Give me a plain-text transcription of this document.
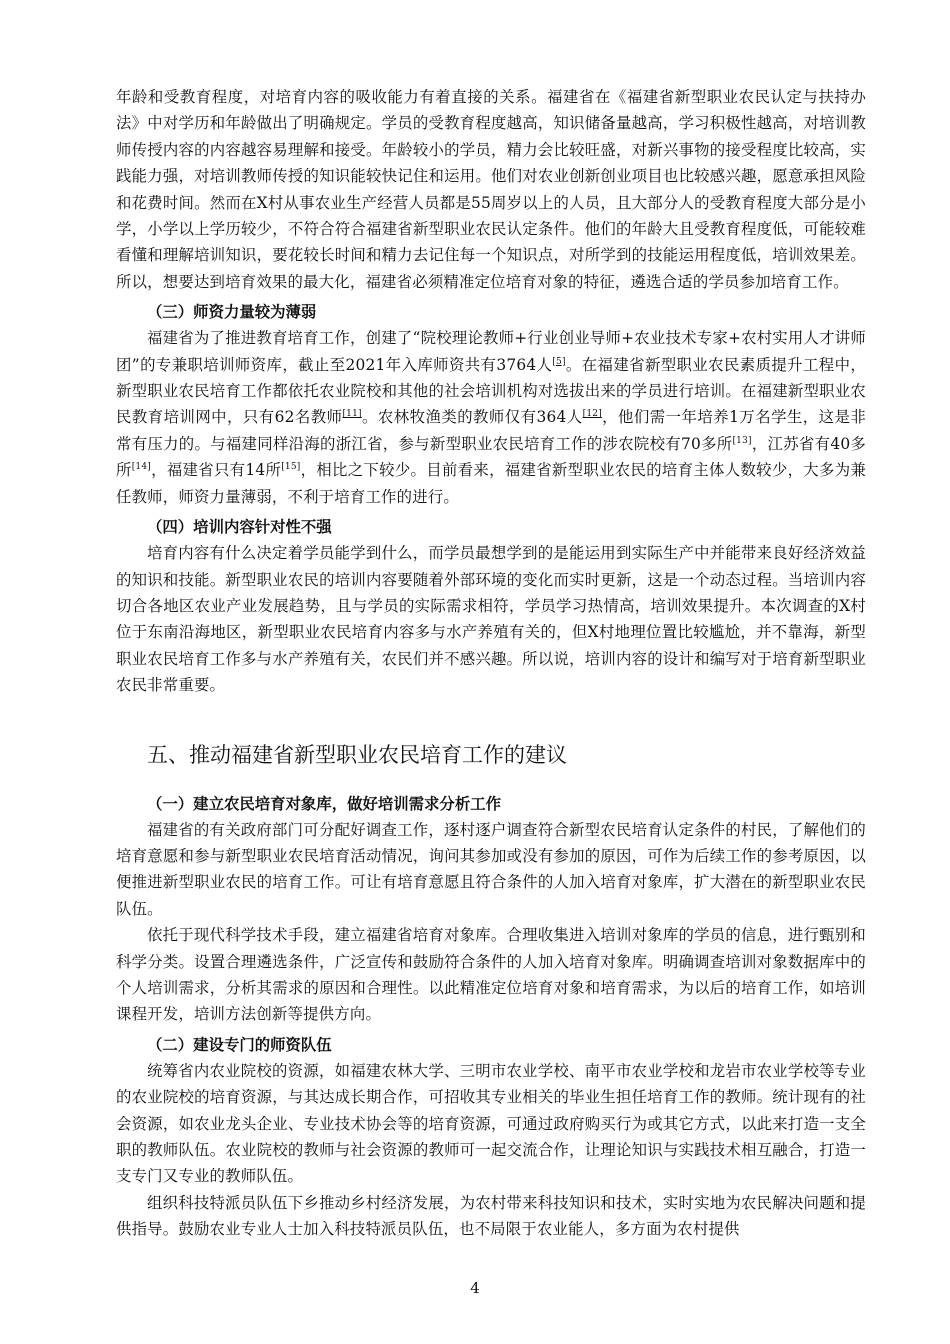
年龄和受教育程度，对培育内容的吸收能力有着直接的关系。福建省在《福建省新型职业农民认定与扶持办法》中对学历和年龄做出了明确规定。学员的受教育程度越高，知识储备量越高，学习积极性越高，对培训教师传授内容的内容越容易理解和接受。年龄较小的学员，精力会比较旺盛，对新兴事物的接受程度比较高，实践能力强，对培训教师传授的知识能较快记住和运用。他们对农业创新创业项目也比较感兴趣，愿意承担风险和花费时间。然而在X村从事农业生产经营人员都是55周岁以上的人员，且大部分人的受教育程度大部分是小学，小学以上学历较少，不符合符合福建省新型职业农民认定条件。他们的年龄大且受教育程度低，可能较难看懂和理解培训知识，要花较长时间和精力去记住每一个知识点，对所学到的技能运用程度低，培训效果差。所以，想要达到培育效果的最大化，福建省必须精准定位培育对象的特征，遴选合适的学员参加培育工作。

（三）师资力量较为薄弱

福建省为了推进教育培育工作，创建了“院校理论教师+行业创业导师+农业技术专家+农村实用人才讲师团”的专兼职培训师资库，截止至2021年入库师资共有3764人[5]。在福建省新型职业农民素质提升工程中，新型职业农民培育工作都依托农业院校和其他的社会培训机构对选拔出来的学员进行培训。在福建新型职业农民教育培训网中，只有62名教师[11]。农林牧渔类的教师仅有364人[12]，他们需一年培养1万名学生，这是非常有压力的。与福建同样沿海的浙江省，参与新型职业农民培育工作的涉农院校有70多所[13]，江苏省有40多所[14]，福建省只有14所[15]，相比之下较少。目前看来，福建省新型职业农民的培育主体人数较少，大多为兼任教师，师资力量薄弱，不利于培育工作的进行。

（四）培训内容针对性不强

培育内容有什么决定着学员能学到什么，而学员最想学到的是能运用到实际生产中并能带来良好经济效益的知识和技能。新型职业农民的培训内容要随着外部环境的变化而实时更新，这是一个动态过程。当培训内容切合各地区农业产业发展趋势，且与学员的实际需求相符，学员学习热情高，培训效果提升。本次调查的X村位于东南沿海地区，新型职业农民培育内容多与水产养殖有关的，但X村地理位置比较尴尬，并不靠海，新型职业农民培育工作多与水产养殖有关，农民们并不感兴趣。所以说，培训内容的设计和编写对于培育新型职业农民非常重要。

五、推动福建省新型职业农民培育工作的建议
（一）建立农民培育对象库，做好培训需求分析工作

福建省的有关政府部门可分配好调查工作，逐村逐户调查符合新型农民培育认定条件的村民，了解他们的培育意愿和参与新型职业农民培育活动情况，询问其参加或没有参加的原因，可作为后续工作的参考原因，以便推进新型职业农民的培育工作。可让有培育意愿且符合条件的人加入培育对象库，扩大潜在的新型职业农民队伍。

依托于现代科学技术手段，建立福建省培育对象库。合理收集进入培训对象库的学员的信息，进行甄别和科学分类。设置合理遴选条件，广泛宣传和鼓励符合条件的人加入培育对象库。明确调查培训对象数据库中的个人培训需求，分析其需求的原因和合理性。以此精准定位培育对象和培育需求，为以后的培育工作，如培训课程开发，培训方法创新等提供方向。

（二）建设专门的师资队伍

统筹省内农业院校的资源，如福建农林大学、三明市农业学校、南平市农业学校和龙岩市农业学校等专业的农业院校的培育资源，与其达成长期合作，可招收其专业相关的毕业生担任培育工作的教师。统计现有的社会资源，如农业龙头企业、专业技术协会等的培育资源，可通过政府购买行为或其它方式，以此来打造一支全职的教师队伍。农业院校的教师与社会资源的教师可一起交流合作，让理论知识与实践技术相互融合，打造一支专门又专业的教师队伍。

组织科技特派员队伍下乡推动乡村经济发展，为农村带来科技知识和技术，实时实地为农民解决问题和提供指导。鼓励农业专业人士加入科技特派员队伍，也不局限于农业能人，多方面为农村提供

4
